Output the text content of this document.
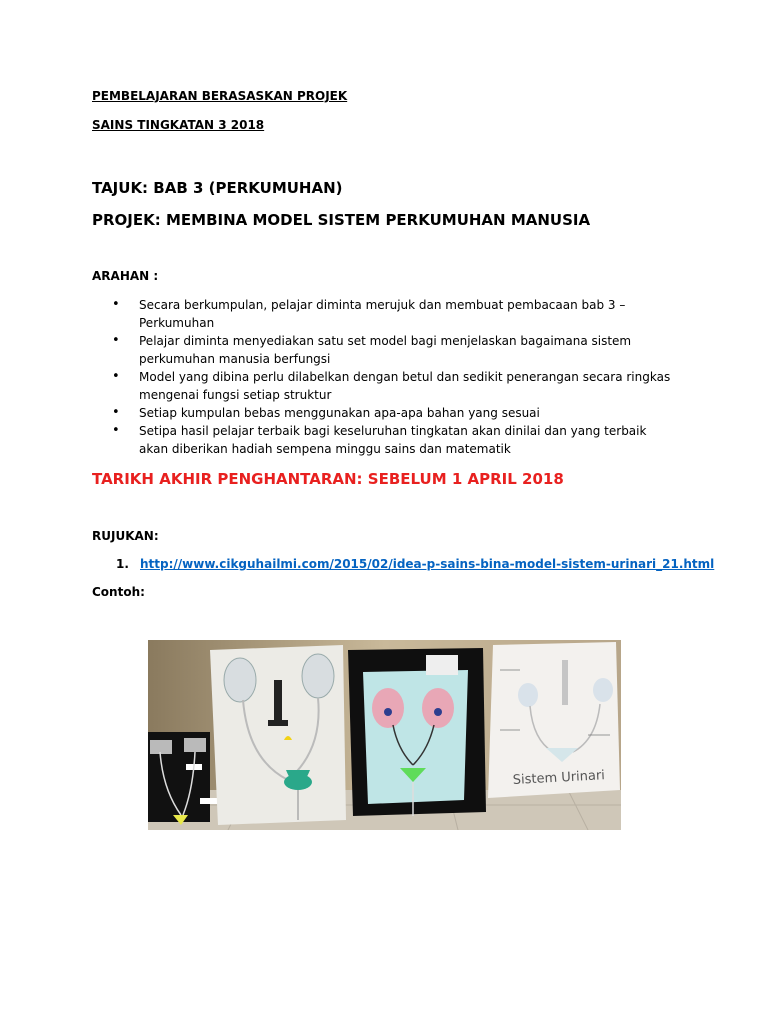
PEMBELAJARAN BERASASKAN PROJEK
SAINS TINGKATAN 3 2018
TAJUK: BAB 3 (PERKUMUHAN)
PROJEK: MEMBINA MODEL SISTEM PERKUMUHAN MANUSIA
ARAHAN :
• Secara berkumpulan, pelajar diminta merujuk dan membuat pembacaan bab 3 – Perkumuhan
• Pelajar diminta menyediakan satu set model bagi menjelaskan bagaimana sistem perkumuhan manusia berfungsi
• Model yang dibina perlu dilabelkan dengan betul dan sedikit penerangan secara ringkas mengenai fungsi setiap struktur
• Setiap kumpulan bebas menggunakan apa-apa bahan yang sesuai
• Setipa hasil pelajar terbaik bagi keseluruhan tingkatan akan dinilai dan yang terbaik akan diberikan hadiah sempena minggu sains dan matematik
TARIKH AKHIR PENGHANTARAN: SEBELUM 1 APRIL 2018
RUJUKAN:
1. http://www.cikguhailmi.com/2015/02/idea-p-sains-bina-model-sistem-urinari_21.html
Contoh:
Sistem Urinari
